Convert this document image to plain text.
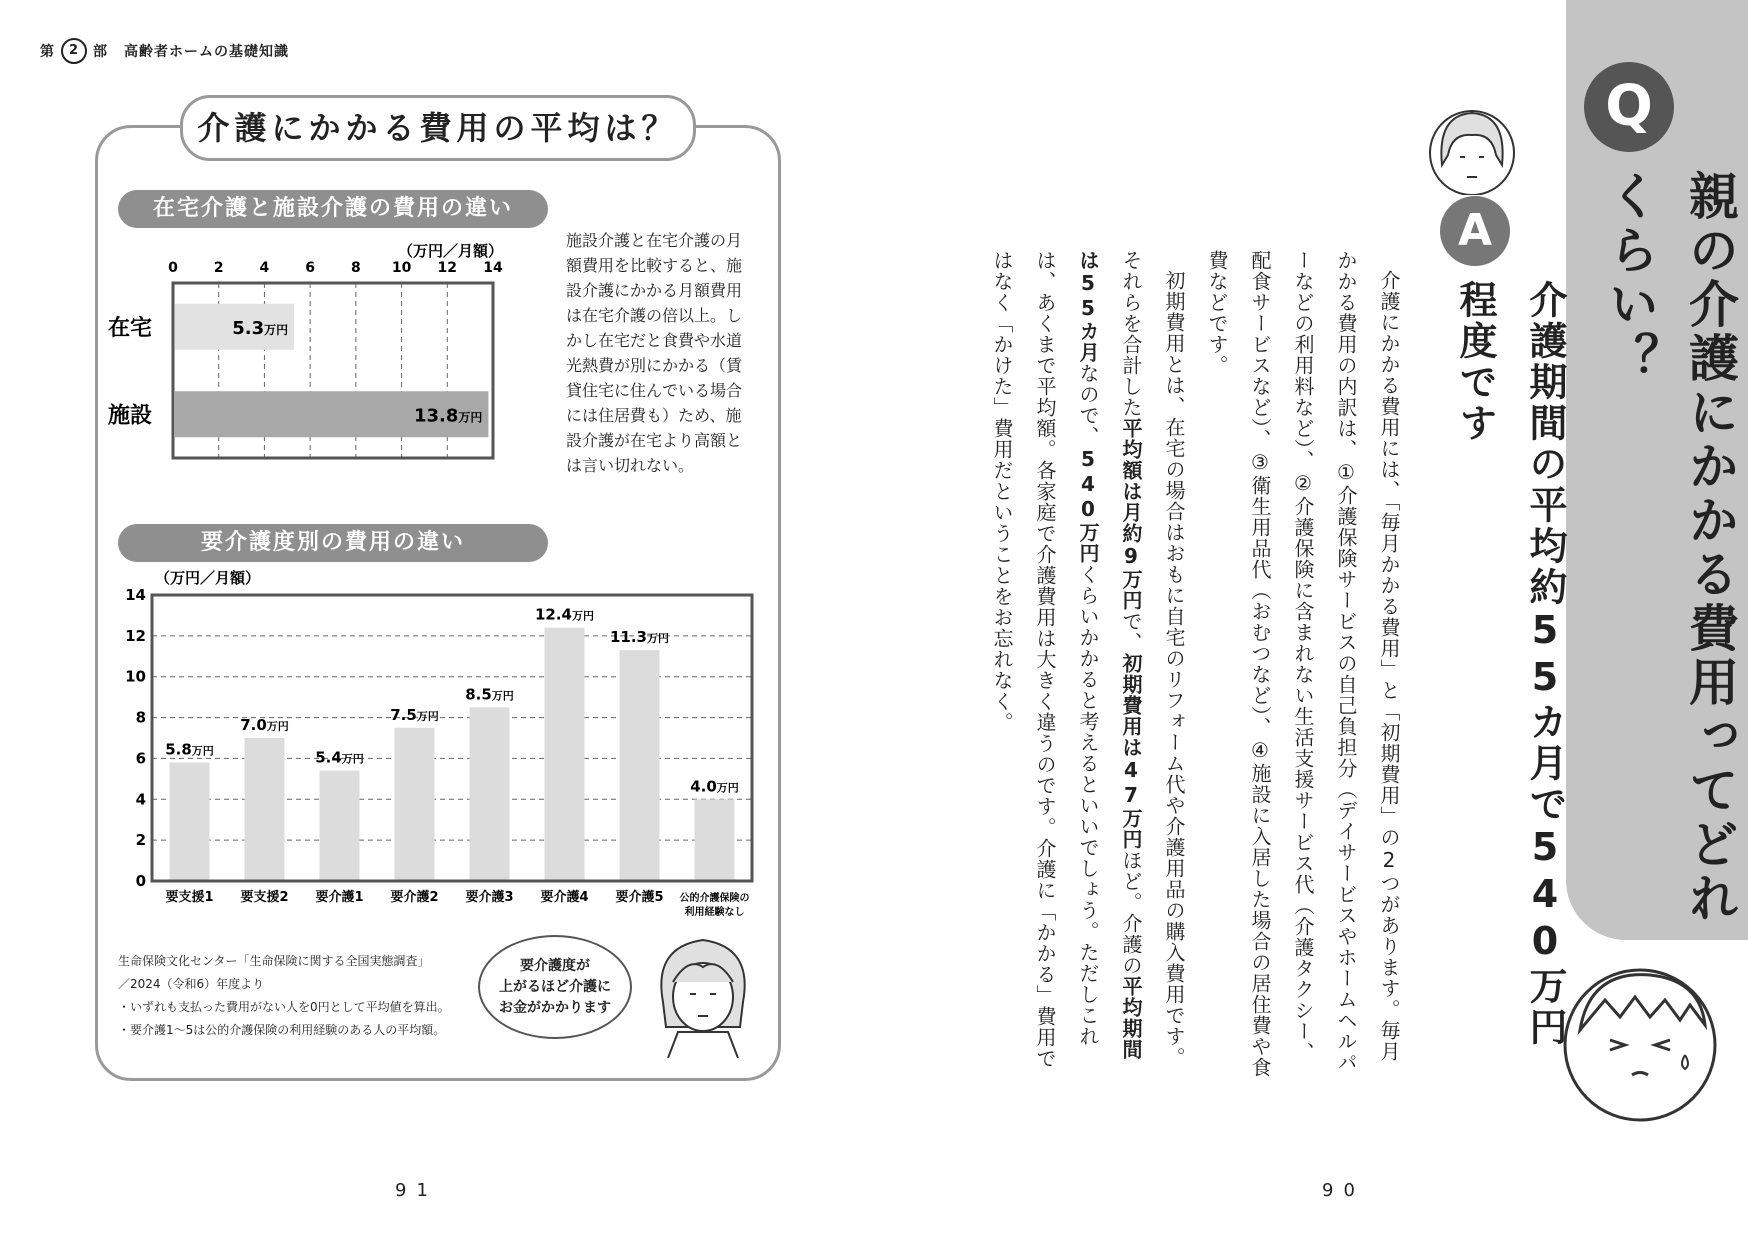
第	2 部 高齢者ホームの基礎知識
介護にかかる費用の平均は？
在宅介護と施設介護の費用の違い
（万円／月額）
0	2	4	6	8 10 12 14
在宅	5.3万円
施設	13.8万円
施設介護と在宅介護の月額費用を比較すると、施設介護にかかる月額費用は在宅介護の倍以上。しかし在宅だと食費や水道光熱費が別にかかる（賃貸住宅に住んでいる場合には住居費も）ため、施設介護が在宅より高額とは言い切れない。
要介護度別の費用の違い
（万円／月額）
0
2
4
6
8
10
12
14
5.8万円
要支援1
7.0万円
要支援2
5.4万円
要介護1
7.5万円
要介護2
8.5万円
要介護3
12.4万円
要介護4
11.3万円
要介護5
4.0万円
公的介護保険の
利用経験なし
生命保険文化センター「生命保険に関する全国実態調査」
／2024（令和6）年度より
・いずれも支払った費用がない人を0円として平均値を算出。
・要介護1〜5は公的介護保険の利用経験のある人の平均額。
要介護度が
上がるほど介護に
お金がかかります
91
Q
親の介護にかかる費用ってどれくらい？
A
介護期間の平均約55カ月で540万円程度です

介護にかかる費用には、「毎月かかる費用」と「初期費用」の2つがあります。毎月かかる費用の内訳は、①介護保険サービスの自己負担分（デイサービスやホームヘルパーなどの利用料など）、②介護保険に含まれない生活支援サービス代（介護タクシー、配食サービスなど）、③衛生用品代（おむつなど）、④施設に入居した場合の居住費や食費などです。

初期費用とは、在宅の場合はおもに自宅のリフォーム代や介護用品の購入費用です。それらを合計した平均額は月約9万円で、初期費用は47万円ほど。介護の平均期間は55カ月なので、540万円くらいかかると考えるといいでしょう。ただしこれは、あくまで平均額。各家庭で介護費用は大きく違うのです。介護に「かかる」費用ではなく「かけた」費用だということをお忘れなく。

90
